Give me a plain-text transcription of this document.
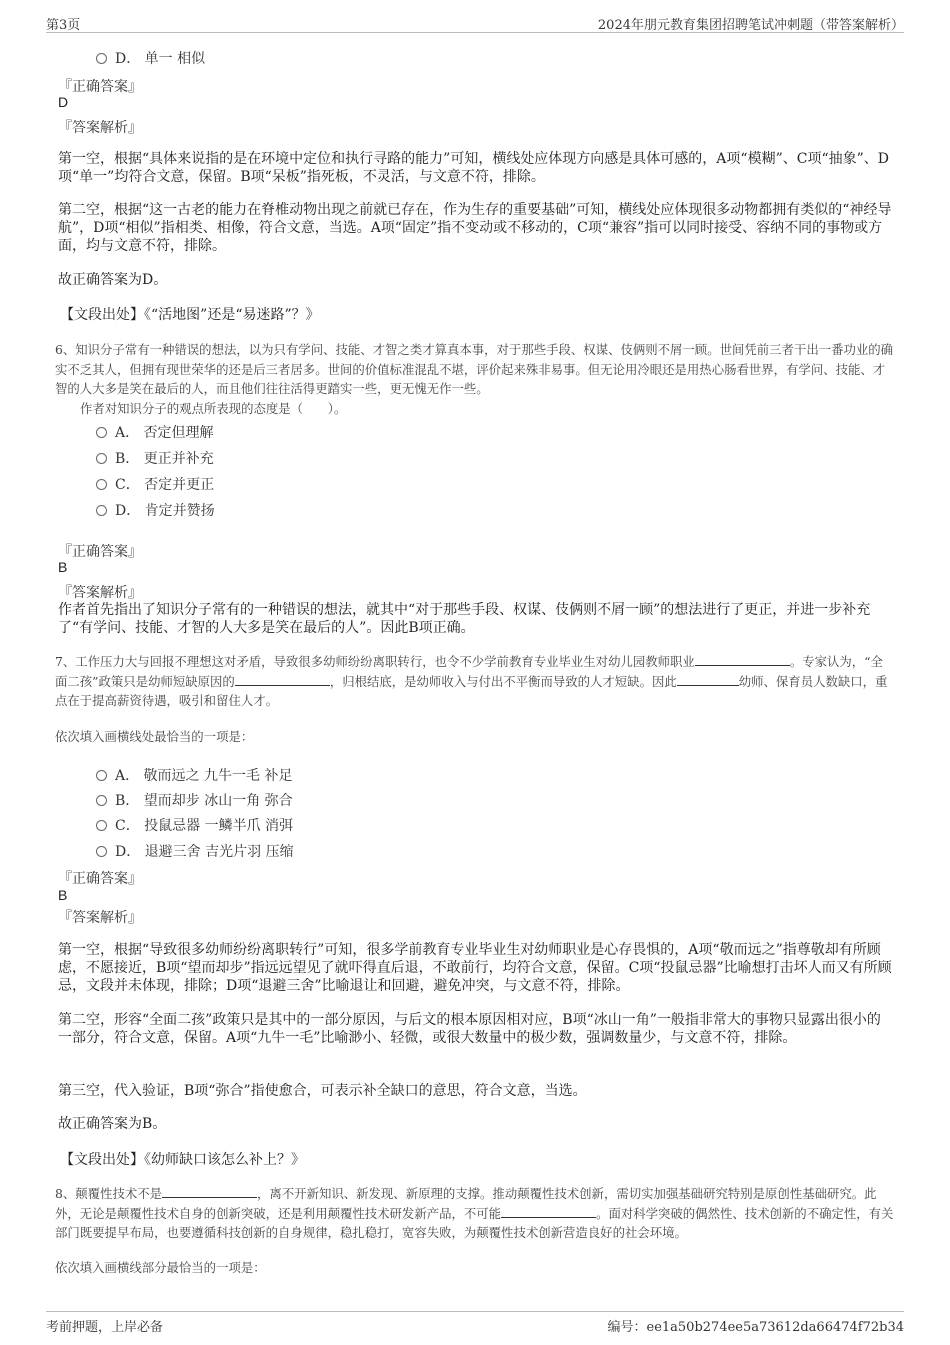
第3页	2024年朋元教育集团招聘笔试冲刺题（带答案解析）
D． 单一 相似
『正确答案』
D
『答案解析』
第一空，根据“具体来说指的是在环境中定位和执行寻路的能力”可知，横线处应体现方向感是具体可感的，A项“模糊”、C项“抽象”、D项“单一”均符合文意，保留。B项“呆板”指死板，不灵活，与文意不符，排除。
第二空，根据“这一古老的能力在脊椎动物出现之前就已存在，作为生存的重要基础”可知，横线处应体现很多动物都拥有类似的“神经导航”，D项“相似”指相类、相像，符合文意，当选。A项“固定”指不变动或不移动的，C项“兼容”指可以同时接受、容纳不同的事物或方面，均与文意不符，排除。
故正确答案为D。
【文段出处】《“活地图”还是“易迷路”？》
6、知识分子常有一种错误的想法，以为只有学问、技能、才智之类才算真本事，对于那些手段、权谋、伎俩则不屑一顾。世间凭前三者干出一番功业的确实不乏其人，但拥有现世荣华的还是后三者居多。世间的价值标准混乱不堪，评价起来殊非易事。但无论用冷眼还是用热心肠看世界，有学问、技能、才智的人大多是笑在最后的人，而且他们往往活得更踏实一些，更无愧无作一些。
作者对知识分子的观点所表现的态度是（　　）。
A． 否定但理解
B． 更正并补充
C． 否定并更正
D． 肯定并赞扬
『正确答案』
B
『答案解析』
作者首先指出了知识分子常有的一种错误的想法，就其中“对于那些手段、权谋、伎俩则不屑一顾”的想法进行了更正，并进一步补充了“有学问、技能、才智的人大多是笑在最后的人”。因此B项正确。
7、工作压力大与回报不理想这对矛盾，导致很多幼师纷纷离职转行，也令不少学前教育专业毕业生对幼儿园教师职业	。专家认为，“全面二孩”政策只是幼师短缺原因的	，归根结底，是幼师收入与付出不平衡而导致的人才短缺。因此	幼师、保育员人数缺口，重点在于提高薪资待遇，吸引和留住人才。
依次填入画横线处最恰当的一项是：
A． 敬而远之 九牛一毛 补足
B． 望而却步 冰山一角 弥合
C． 投鼠忌器 一鳞半爪 消弭
D． 退避三舍 吉光片羽 压缩
『正确答案』
B
『答案解析』
第一空，根据“导致很多幼师纷纷离职转行”可知，很多学前教育专业毕业生对幼师职业是心存畏惧的，A项“敬而远之”指尊敬却有所顾虑，不愿接近，B项“望而却步”指远远望见了就吓得直后退，不敢前行，均符合文意，保留。C项“投鼠忌器”比喻想打击坏人而又有所顾忌，文段并未体现，排除；D项“退避三舍”比喻退让和回避，避免冲突，与文意不符，排除。
第二空，形容“全面二孩”政策只是其中的一部分原因，与后文的根本原因相对应，B项“冰山一角”一般指非常大的事物只显露出很小的一部分，符合文意，保留。A项“九牛一毛”比喻渺小、轻微，或很大数量中的极少数，强调数量少，与文意不符，排除。
第三空，代入验证，B项“弥合”指使愈合，可表示补全缺口的意思，符合文意，当选。
故正确答案为B。
【文段出处】《幼师缺口该怎么补上？》
8、颠覆性技术不是	，离不开新知识、新发现、新原理的支撑。推动颠覆性技术创新，需切实加强基础研究特别是原创性基础研究。此外，无论是颠覆性技术自身的创新突破，还是利用颠覆性技术研发新产品，不可能	。面对科学突破的偶然性、技术创新的不确定性，有关部门既要提早布局，也要遵循科技创新的自身规律，稳扎稳打，宽容失败，为颠覆性技术创新营造良好的社会环境。
依次填入画横线部分最恰当的一项是：
考前押题，上岸必备	编号：ee1a50b274ee5a73612da66474f72b34
